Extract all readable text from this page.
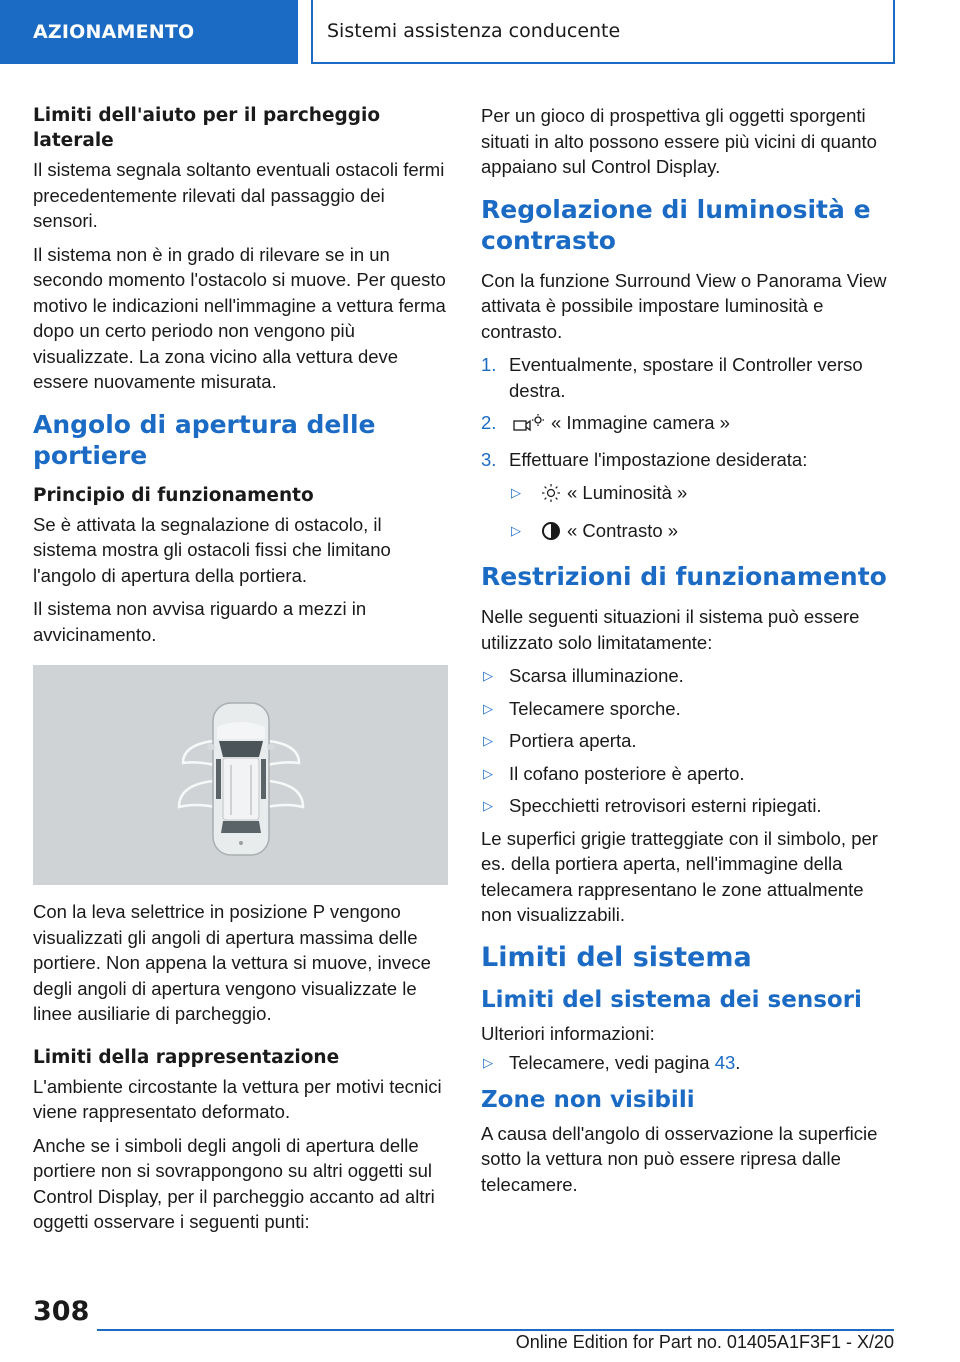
AZIONAMENTO	Sistemi assistenza conducente
Limiti dell'aiuto per il parcheggio laterale

Il sistema segnala soltanto eventuali ostacoli fermi precedentemente rilevati dal passaggio dei sensori.

Il sistema non è in grado di rilevare se in un secondo momento l'ostacolo si muove. Per questo motivo le indicazioni nell'immagine a vettura ferma dopo un certo periodo non vengono più visualizzate. La zona vicino alla vettura deve essere nuovamente misurata.

Angolo di apertura delle portiere
Principio di funzionamento

Se è attivata la segnalazione di ostacolo, il sistema mostra gli ostacoli fissi che limitano l'angolo di apertura della portiera.

Il sistema non avvisa riguardo a mezzi in avvicinamento.

Con la leva selettrice in posizione P vengono visualizzati gli angoli di apertura massima delle portiere. Non appena la vettura si muove, invece degli angoli di apertura vengono visualizzate le linee ausiliarie di parcheggio.

Limiti della rappresentazione

L'ambiente circostante la vettura per motivi tecnici viene rappresentato deformato.

Anche se i simboli degli angoli di apertura delle portiere non si sovrappongono su altri oggetti sul Control Display, per il parcheggio accanto ad altri oggetti osservare i seguenti punti:

Per un gioco di prospettiva gli oggetti sporgenti situati in alto possono essere più vicini di quanto appaiano sul Control Display.

Regolazione di luminosità e contrasto

Con la funzione Surround View o Panorama View attivata è possibile impostare luminosità e contrasto.

1. Eventualmente, spostare il Controller verso destra.
2.	« Immagine camera »
3. Effettuare l'impostazione desiderata:
▷ « Luminosità »
▷ « Contrasto »
Restrizioni di funzionamento

Nelle seguenti situazioni il sistema può essere utilizzato solo limitatamente:

▷ Scarsa illuminazione.
▷ Telecamere sporche.
▷ Portiera aperta.
▷ Il cofano posteriore è aperto.
▷ Specchietti retrovisori esterni ripiegati.

Le superfici grigie tratteggiate con il simbolo, per es. della portiera aperta, nell'immagine della telecamera rappresentano le zone attualmente non visualizzabili.

Limiti del sistema
Limiti del sistema dei sensori

Ulteriori informazioni:

▷ Telecamere, vedi pagina 43.
Zone non visibili

A causa dell'angolo di osservazione la superficie sotto la vettura non può essere ripresa dalle telecamere.

308
Online Edition for Part no. 01405A1F3F1 - X/20
